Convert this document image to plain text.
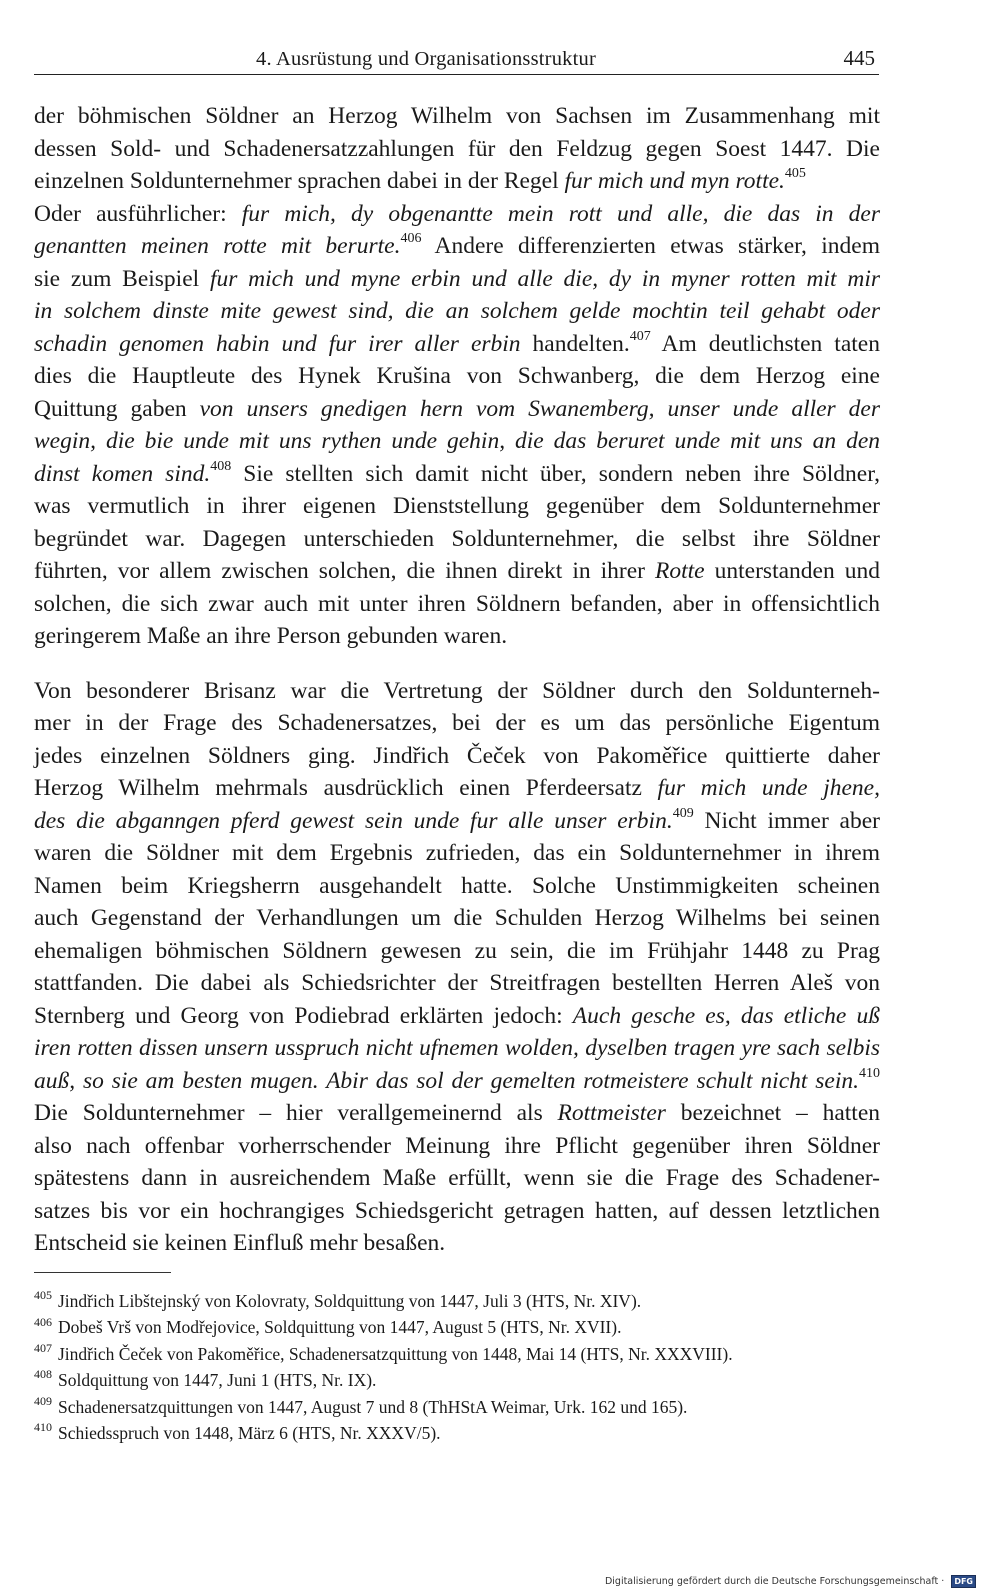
4. Ausrüstung und Organisationsstruktur	445
der böhmischen Söldner an Herzog Wilhelm von Sachsen im Zusammenhang mit
dessen Sold- und Schadenersatzzahlungen für den Feldzug gegen Soest 1447. Die
einzelnen Soldunternehmer sprachen dabei in der Regel fur mich und myn rotte.$^{405}$
Oder ausführlicher: fur mich, dy obgenantte mein rott und alle, die das in der
genantten meinen rotte mit berurte.$^{406}$ Andere differenzierten etwas stärker, indem
sie zum Beispiel fur mich und myne erbin und alle die, dy in myner rotten mit mir
in solchem dinste mite gewest sind, die an solchem gelde mochtin teil gehabt oder
schadin genomen habin und fur irer aller erbin handelten.$^{407}$ Am deutlichsten taten
dies die Hauptleute des Hynek Krušina von Schwanberg, die dem Herzog eine
Quittung gaben von unsers gnedigen hern vom Swanemberg, unser unde aller der
wegin, die bie unde mit uns rythen unde gehin, die das beruret unde mit uns an den
dinst komen sind.$^{408}$ Sie stellten sich damit nicht über, sondern neben ihre Söldner,
was vermutlich in ihrer eigenen Dienststellung gegenüber dem Soldunternehmer
begründet war. Dagegen unterschieden Soldunternehmer, die selbst ihre Söldner
führten, vor allem zwischen solchen, die ihnen direkt in ihrer Rotte unterstanden und
solchen, die sich zwar auch mit unter ihren Söldnern befanden, aber in offensichtlich
geringerem Maße an ihre Person gebunden waren.
Von besonderer Brisanz war die Vertretung der Söldner durch den Soldunterneh-
mer in der Frage des Schadenersatzes, bei der es um das persönliche Eigentum
jedes einzelnen Söldners ging. Jindřich Čeček von Pakoměřice quittierte daher
Herzog Wilhelm mehrmals ausdrücklich einen Pferdeersatz fur mich unde jhene,
des die abganngen pferd gewest sein unde fur alle unser erbin.$^{409}$ Nicht immer aber
waren die Söldner mit dem Ergebnis zufrieden, das ein Soldunternehmer in ihrem
Namen beim Kriegsherrn ausgehandelt hatte. Solche Unstimmigkeiten scheinen
auch Gegenstand der Verhandlungen um die Schulden Herzog Wilhelms bei seinen
ehemaligen böhmischen Söldnern gewesen zu sein, die im Frühjahr 1448 zu Prag
stattfanden. Die dabei als Schiedsrichter der Streitfragen bestellten Herren Aleš von
Sternberg und Georg von Podiebrad erklärten jedoch: Auch gesche es, das etliche uß
iren rotten dissen unsern usspruch nicht ufnemen wolden, dyselben tragen yre sach selbis
auß, so sie am besten mugen. Abir das sol der gemelten rotmeistere schult nicht sein.$^{410}$
Die Soldunternehmer – hier verallgemeinernd als Rottmeister bezeichnet – hatten
also nach offenbar vorherrschender Meinung ihre Pflicht gegenüber ihren Söldner
spätestens dann in ausreichendem Maße erfüllt, wenn sie die Frage des Schadener-
satzes bis vor ein hochrangiges Schiedsgericht getragen hatten, auf dessen letztlichen
Entscheid sie keinen Einfluß mehr besaßen.
$^{405}$ Jindřich Libštejnský von Kolovraty, Soldquittung von 1447, Juli 3 (HTS, Nr. XIV).
$^{406}$ Dobeš Vrš von Modřejovice, Soldquittung von 1447, August 5 (HTS, Nr. XVII).
$^{407}$ Jindřich Čeček von Pakoměřice, Schadenersatzquittung von 1448, Mai 14 (HTS, Nr. XXXVIII).
$^{408}$ Soldquittung von 1447, Juni 1 (HTS, Nr. IX).
$^{409}$ Schadenersatzquittungen von 1447, August 7 und 8 (ThHStA Weimar, Urk. 162 und 165).
$^{410}$ Schiedsspruch von 1448, März 6 (HTS, Nr. XXXV/5).
Digitalisierung gefördert durch die Deutsche Forschungsgemeinschaft · DFG
